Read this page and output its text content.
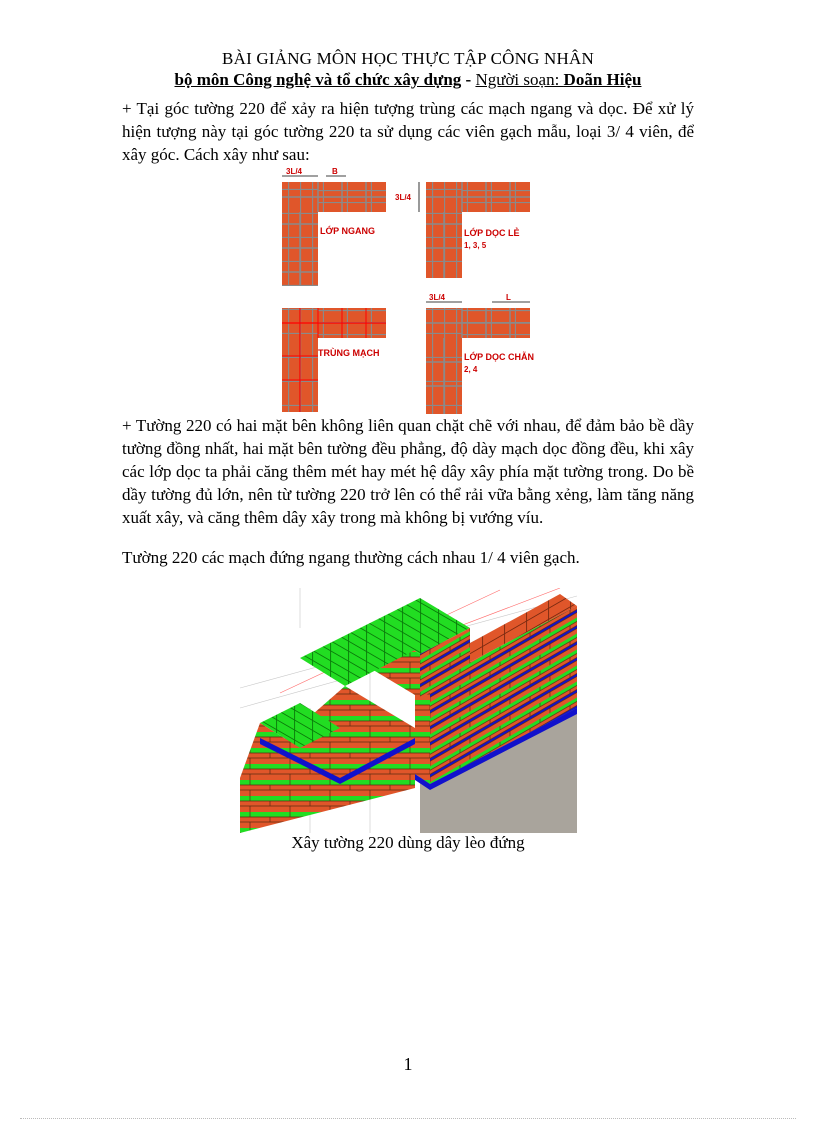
BÀI GIẢNG MÔN HỌC THỰC TẬP CÔNG NHÂN
bộ môn Công nghệ và tổ chức xây dựng - Người soạn: Doãn Hiệu
+ Tại góc tường 220 để xảy ra hiện tượng trùng các mạch ngang và dọc. Để xử lý hiện tượng này tại góc tường 220 ta sử dụng các viên gạch mẫu, loại 3/ 4 viên, để xây góc. Cách xây như sau:
3L/4	B
LỚP NGANG
3L/4
LỚP DỌC LẺ
1, 3, 5
TRÙNG MẠCH
3L/4	L
LỚP DỌC CHẴN
2, 4
+ Tường 220 có hai mặt bên không liên quan chặt chẽ với nhau, để đảm bảo bề dầy tường đồng nhất, hai mặt bên tường đều phẳng, độ dày mạch dọc đồng đều, khi xây các lớp dọc ta phải căng thêm mét hay mét hệ dây xây phía mặt tường trong. Do bề dầy tường đủ lớn, nên từ tường 220 trở lên có thể rải vữa bằng xẻng, làm tăng năng xuất xây, và căng thêm dây xây trong mà không bị vướng víu.
Tường 220 các mạch đứng ngang thường cách nhau 1/ 4 viên gạch.
Xây tường 220 dùng dây lèo đứng
1
